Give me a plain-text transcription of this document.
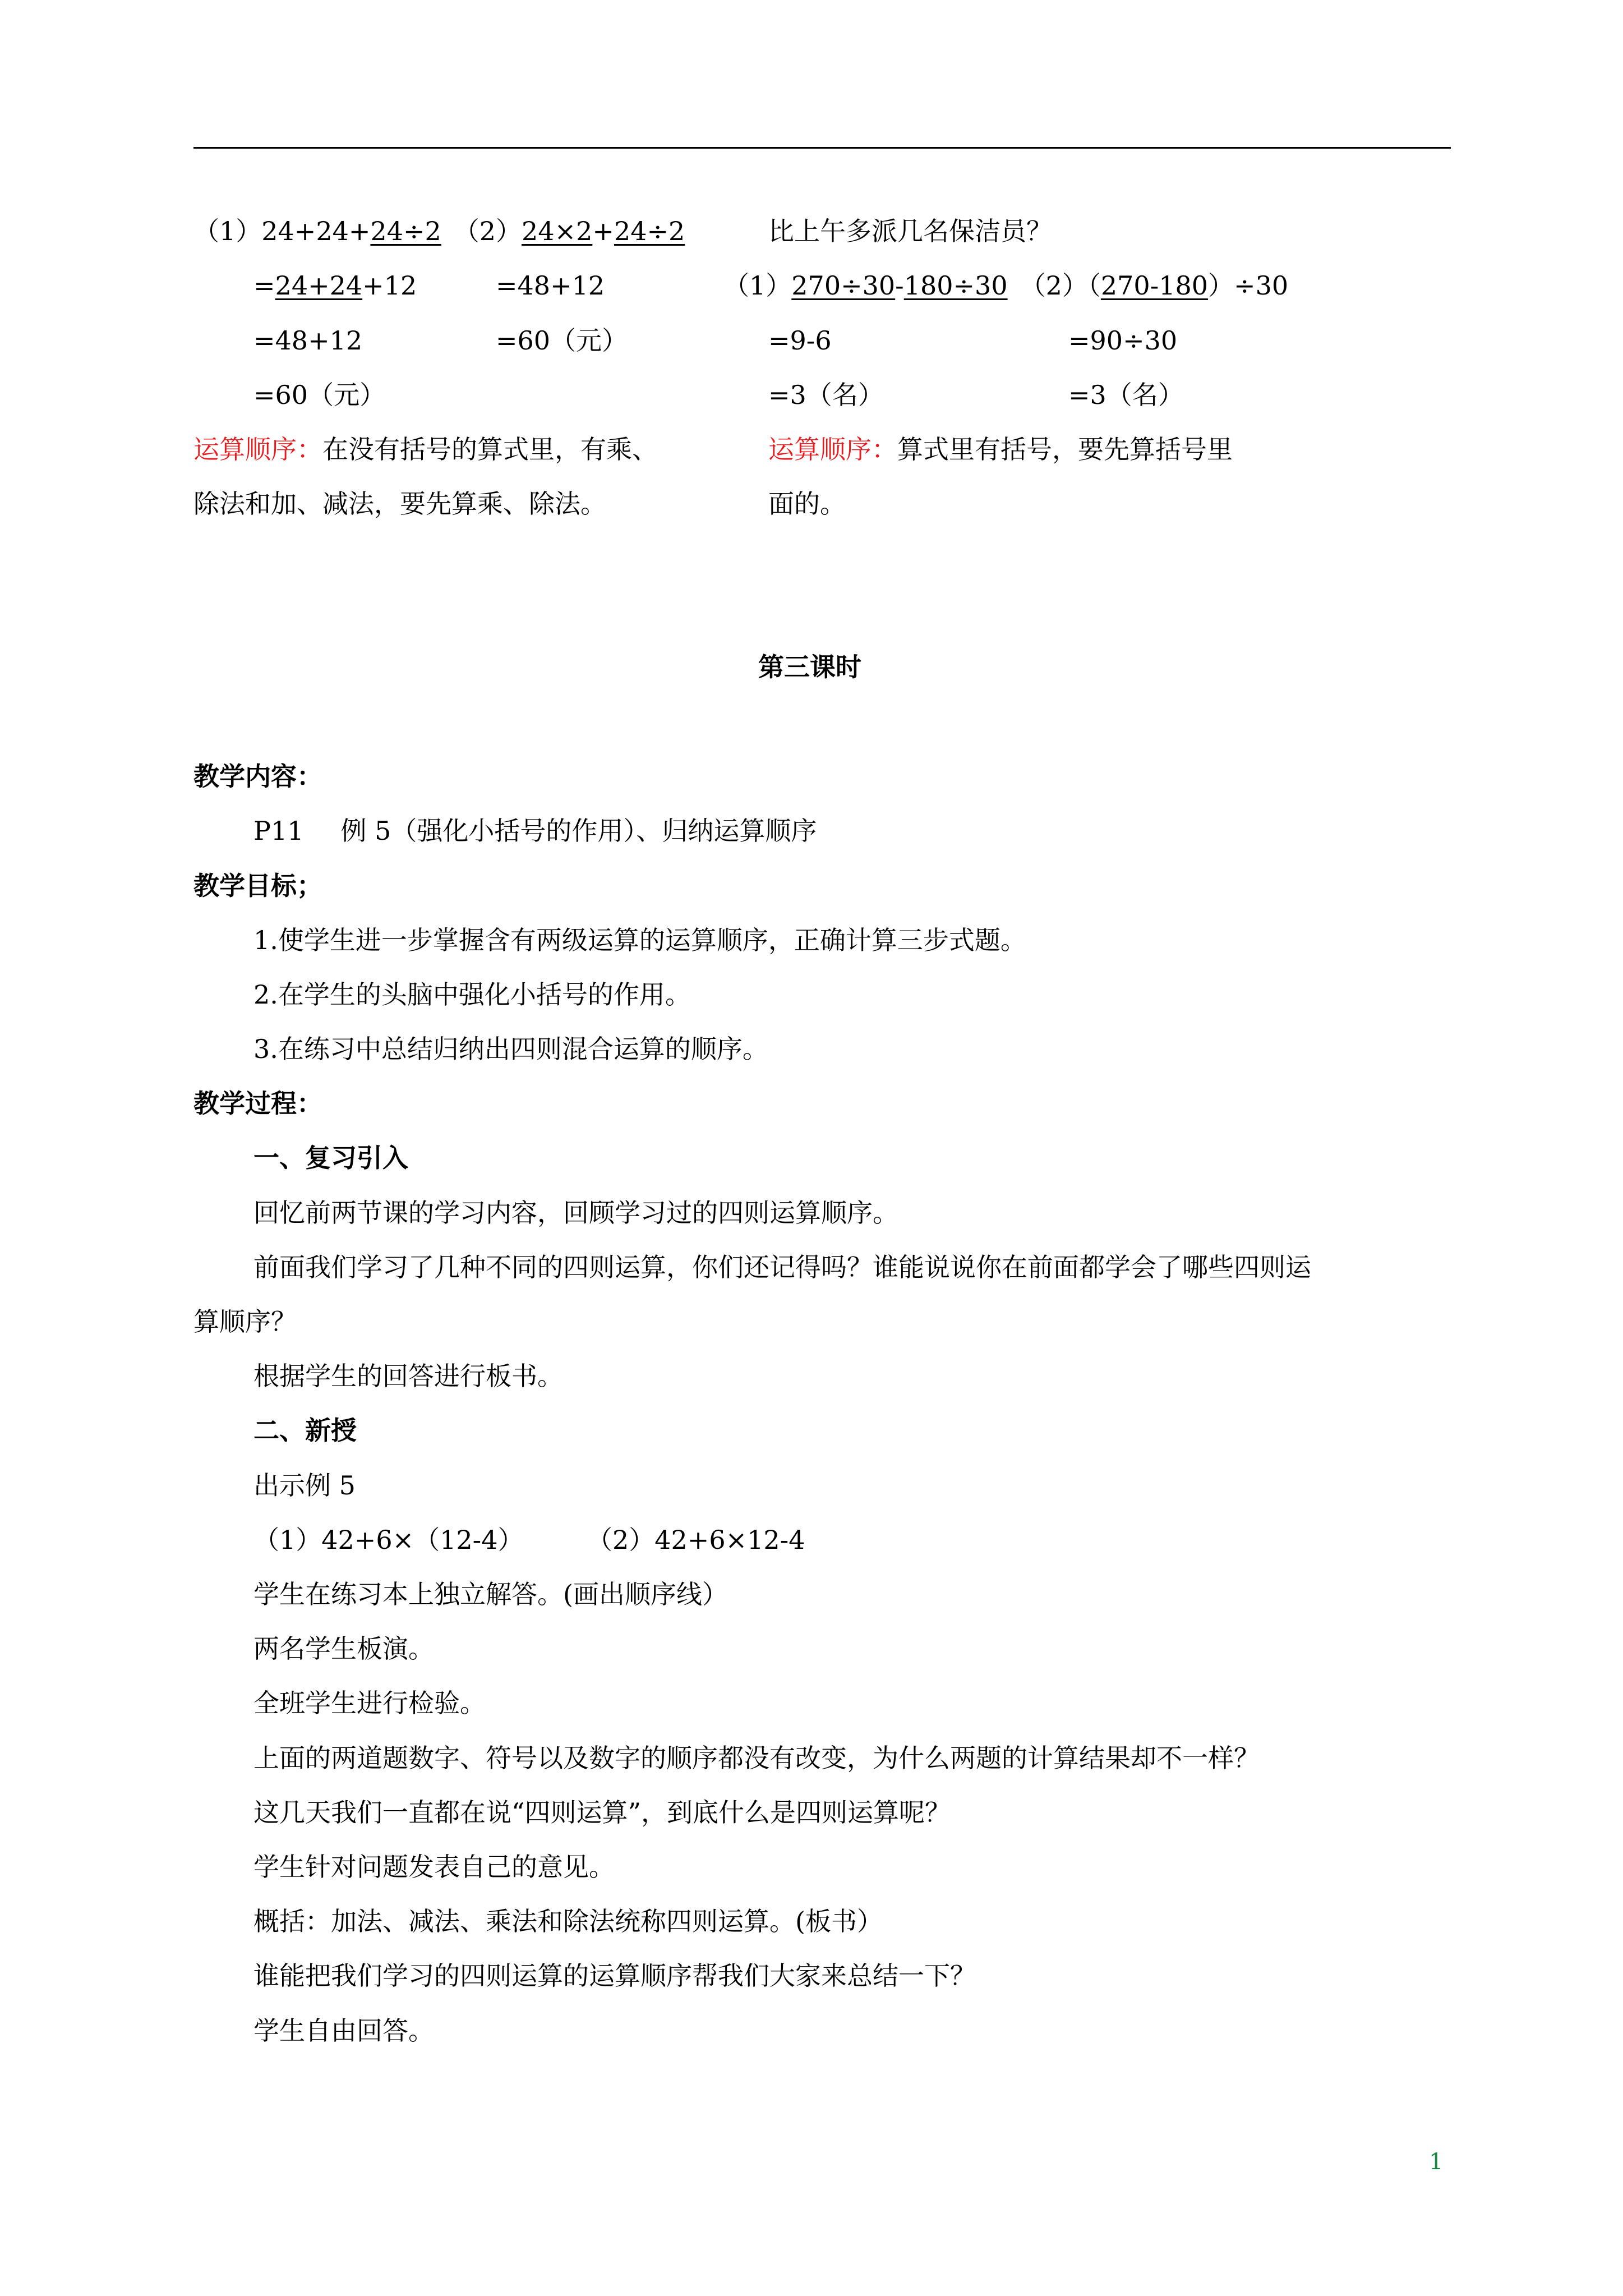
（1）24+24+24÷2 （2）24×2+24÷2
=24+24+12	=48+12
=48+12	=60（元）
=60（元）
运算顺序：在没有括号的算式里，有乘、
除法和加、减法，要先算乘、除法。
比上午多派几名保洁员？
（1）270÷30-180÷30 （2）（270-180）÷30
=9-6	=90÷30
=3（名）	=3（名）
运算顺序：算式里有括号，要先算括号里
面的。
第三课时
教学内容：
P11 例 5（强化小括号的作用）、归纳运算顺序
教学目标；
1.使学生进一步掌握含有两级运算的运算顺序，正确计算三步式题。
2.在学生的头脑中强化小括号的作用。
3.在练习中总结归纳出四则混合运算的顺序。
教学过程：
一、复习引入
回忆前两节课的学习内容，回顾学习过的四则运算顺序。
前面我们学习了几种不同的四则运算，你们还记得吗？谁能说说你在前面都学会了哪些四则运
算顺序？
根据学生的回答进行板书。
二、新授
出示例 5
（1）42+6×（12-4） （2）42+6×12-4
学生在练习本上独立解答。(画出顺序线）
两名学生板演。
全班学生进行检验。
上面的两道题数字、符号以及数字的顺序都没有改变，为什么两题的计算结果却不一样？
这几天我们一直都在说“四则运算”，到底什么是四则运算呢？
学生针对问题发表自己的意见。
概括：加法、减法、乘法和除法统称四则运算。(板书）
谁能把我们学习的四则运算的运算顺序帮我们大家来总结一下？
学生自由回答。
1
